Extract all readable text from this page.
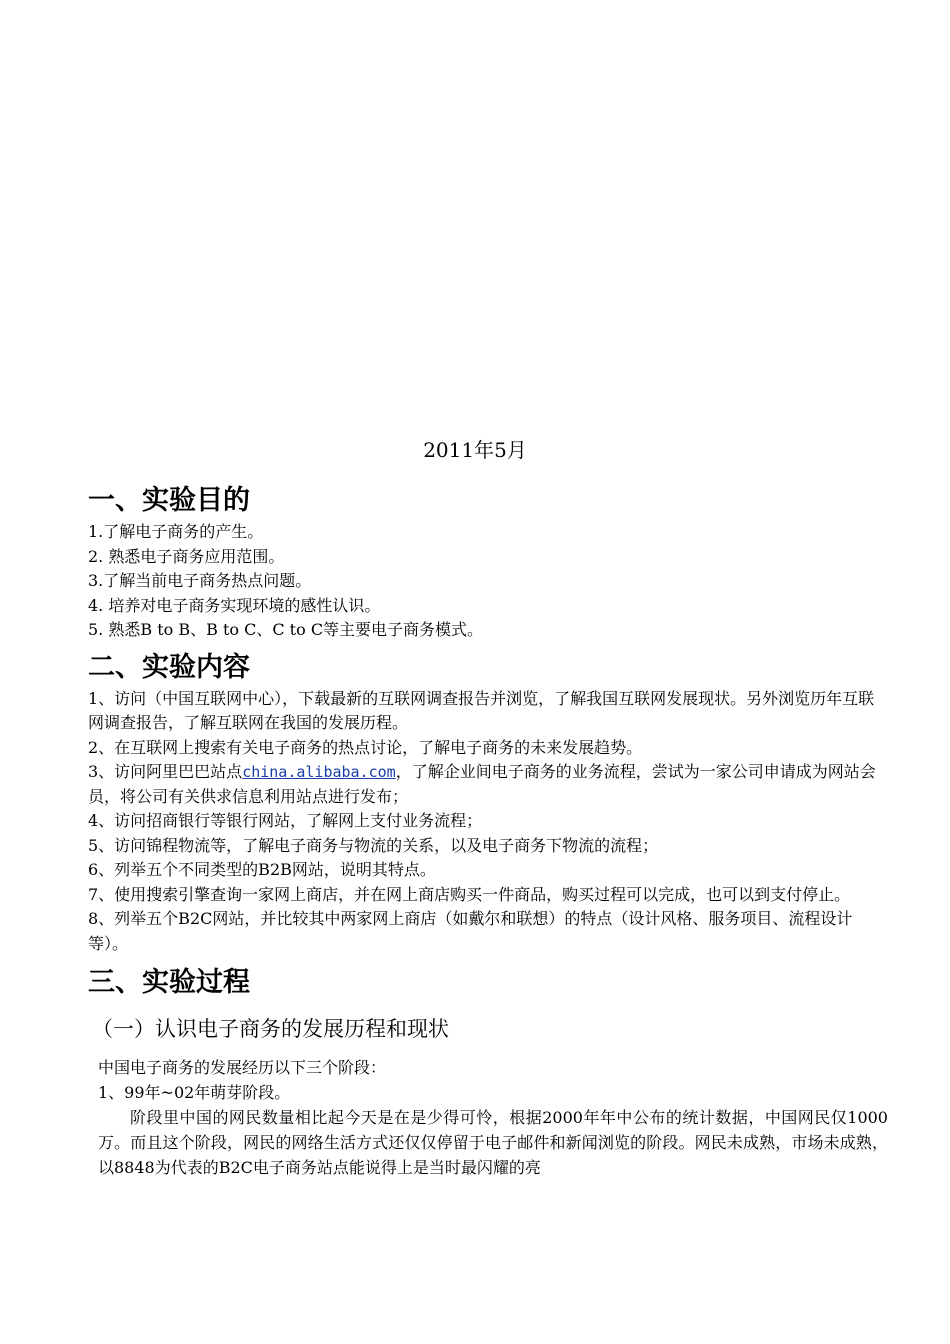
2011年5月
一、实验目的

1.了解电子商务的产生。

2. 熟悉电子商务应用范围。

3.了解当前电子商务热点问题。

4. 培养对电子商务实现环境的感性认识。

5. 熟悉B to B、B to C、C to C等主要电子商务模式。

二、实验内容

1、访问（中国互联网中心），下载最新的互联网调查报告并浏览，了解我国互联网发展现状。另外浏览历年互联网调查报告，了解互联网在我国的发展历程。

2、在互联网上搜索有关电子商务的热点讨论，了解电子商务的未来发展趋势。

3、访问阿里巴巴站点china.alibaba.com，了解企业间电子商务的业务流程，尝试为一家公司申请成为网站会员，将公司有关供求信息利用站点进行发布；

4、访问招商银行等银行网站，了解网上支付业务流程；

5、访问锦程物流等，了解电子商务与物流的关系，以及电子商务下物流的流程；

6、列举五个不同类型的B2B网站，说明其特点。

7、使用搜索引擎查询一家网上商店，并在网上商店购买一件商品，购买过程可以完成，也可以到支付停止。

8、列举五个B2C网站，并比较其中两家网上商店（如戴尔和联想）的特点（设计风格、服务项目、流程设计等）。

三、实验过程
（一）认识电子商务的发展历程和现状

中国电子商务的发展经历以下三个阶段：

1、99年~02年萌芽阶段。

阶段里中国的网民数量相比起今天是在是少得可怜，根据2000年年中公布的统计数据，中国网民仅1000万。而且这个阶段，网民的网络生活方式还仅仅停留于电子邮件和新闻浏览的阶段。网民未成熟，市场未成熟，以8848为代表的B2C电子商务站点能说得上是当时最闪耀的亮
